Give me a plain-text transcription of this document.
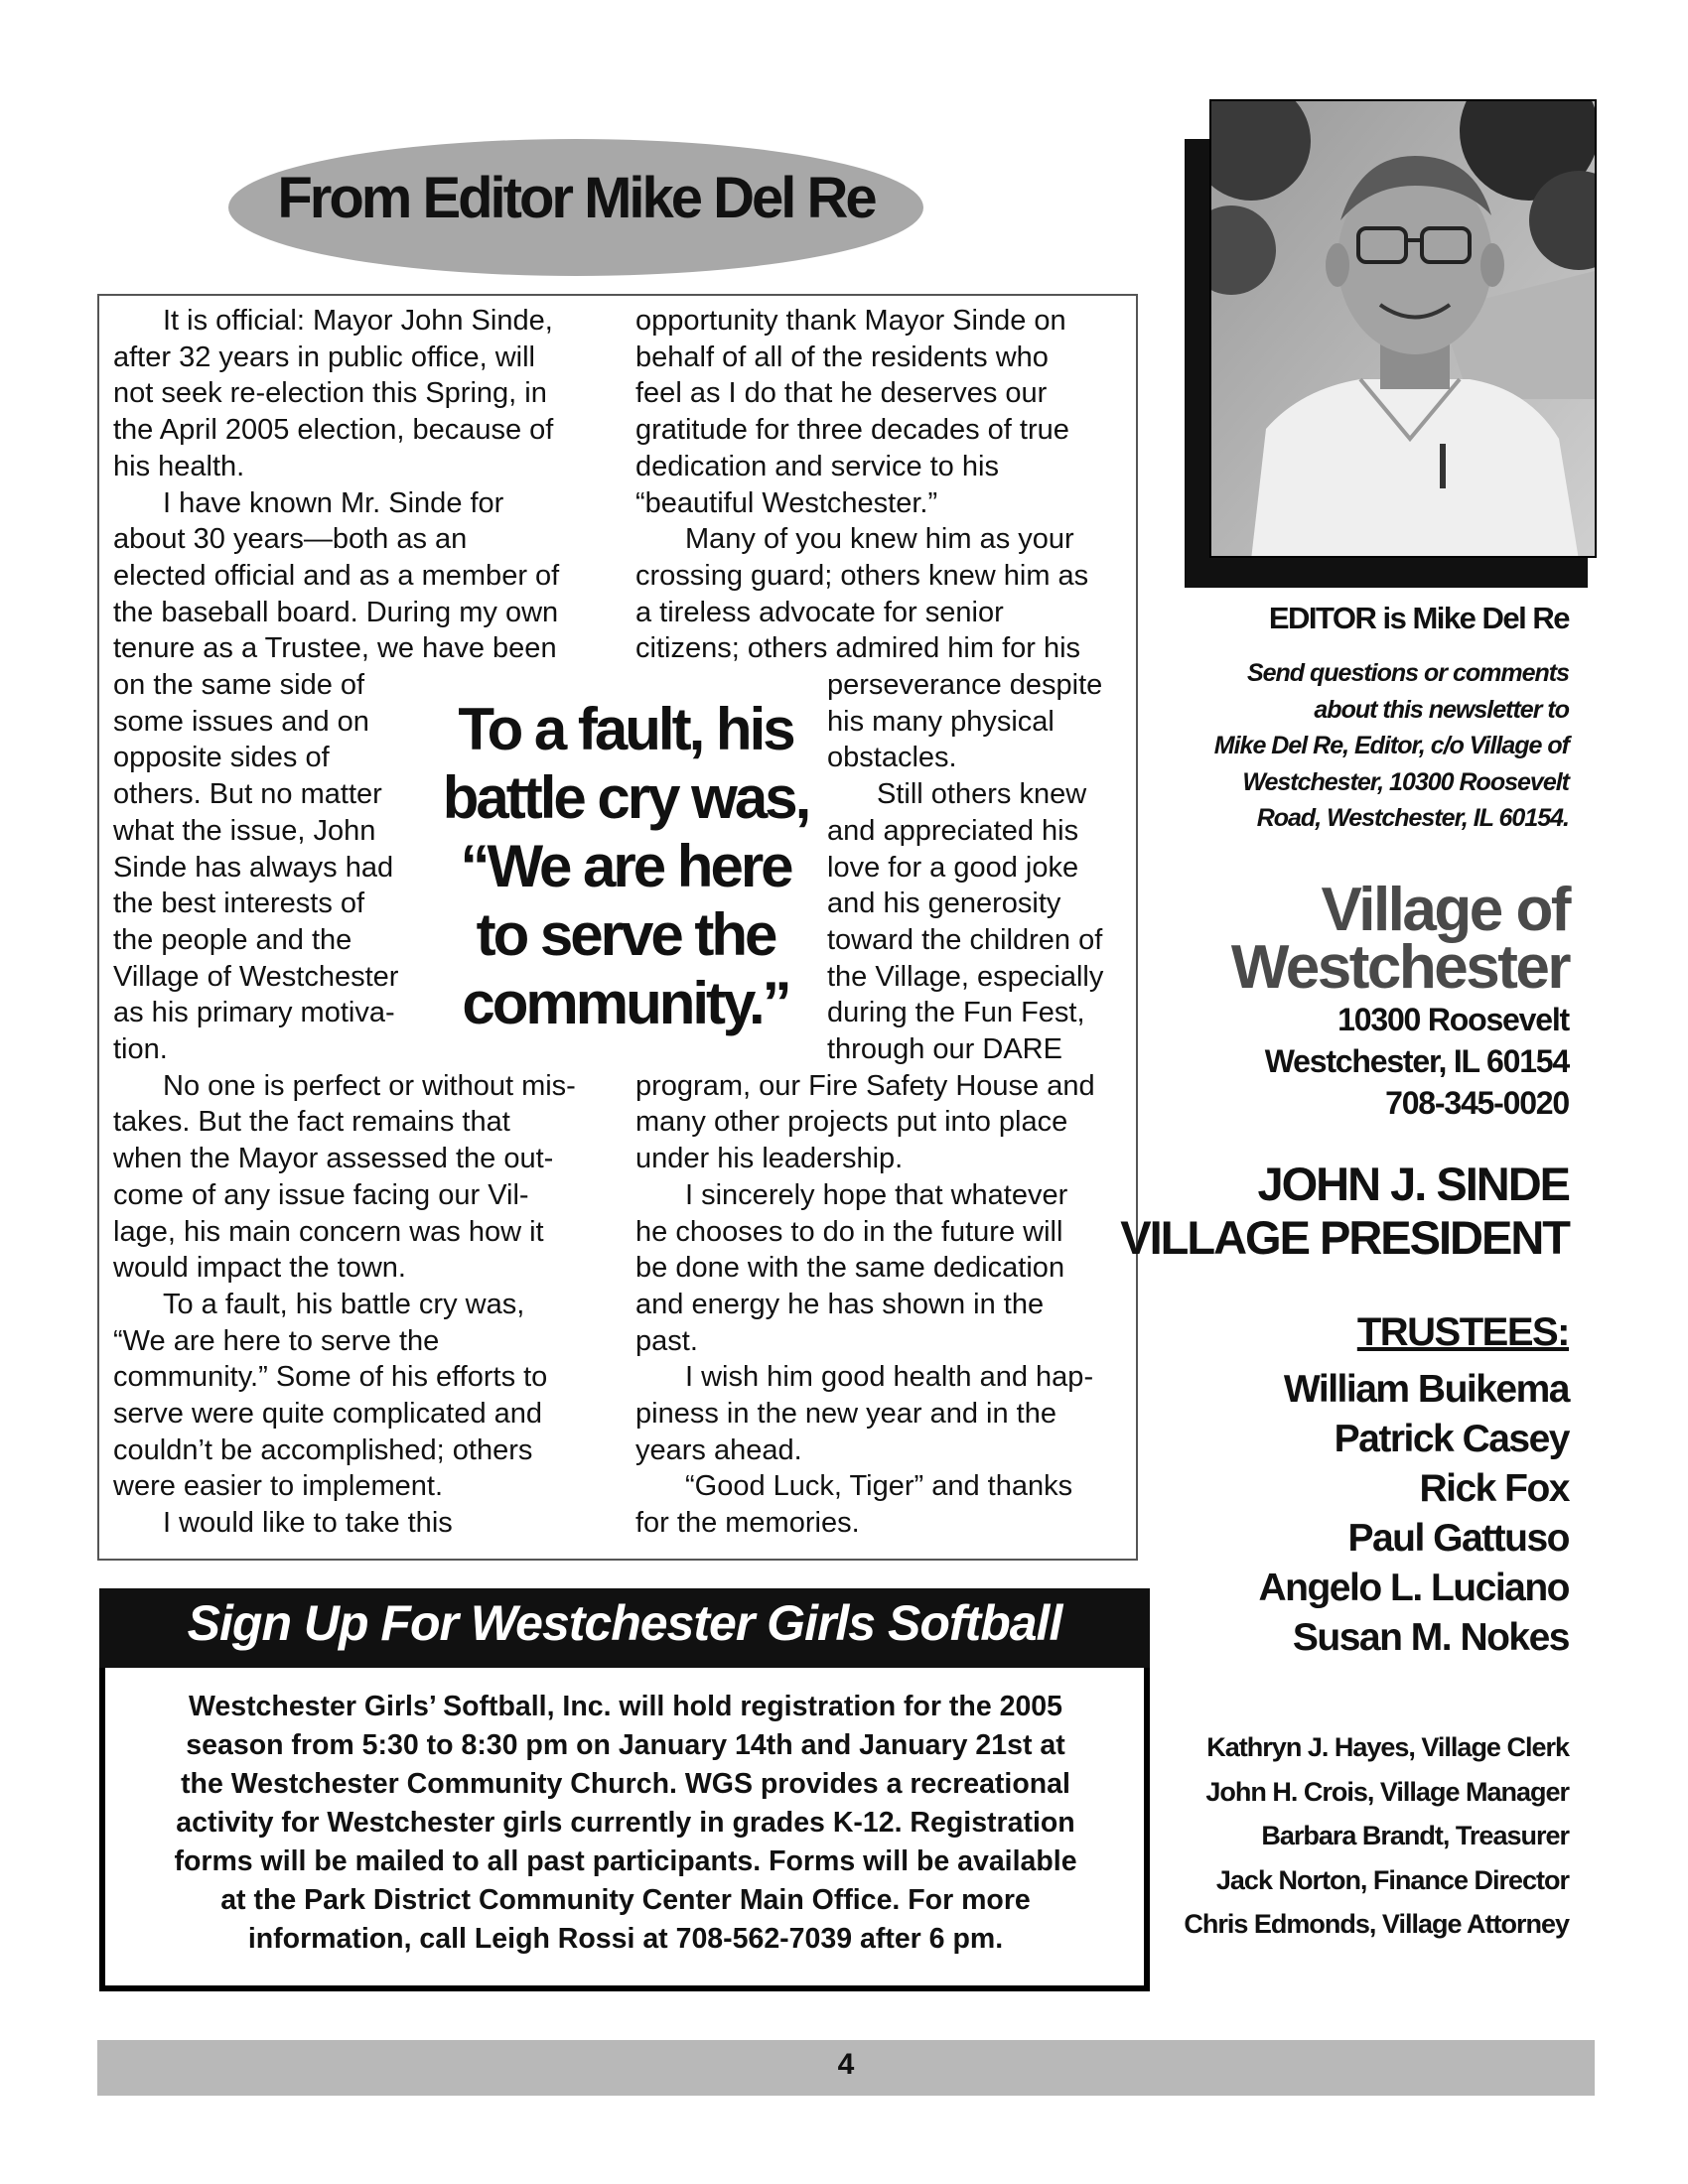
From Editor Mike Del Re
It is official: Mayor John Sinde,
after 32 years in public office, will
not seek re-election this Spring, in
the April 2005 election, because of
his health.
I have known Mr. Sinde for
about 30 years—both as an
elected official and as a member of
the baseball board. During my own
tenure as a Trustee, we have been
on the same side of
some issues and on
opposite sides of
others. But no matter
what the issue, John
Sinde has always had
the best interests of
the people and the
Village of Westchester
as his primary motiva-
tion.
No one is perfect or without mis-
takes. But the fact remains that
when the Mayor assessed the out-
come of any issue facing our Vil-
lage, his main concern was how it
would impact the town.
To a fault, his battle cry was,
“We are here to serve the
community.” Some of his efforts to
serve were quite complicated and
couldn’t be accomplished; others
were easier to implement.
I would like to take this
opportunity thank Mayor Sinde on
behalf of all of the residents who
feel as I do that he deserves our
gratitude for three decades of true
dedication and service to his
“beautiful Westchester.”
Many of you knew him as your
crossing guard; others knew him as
a tireless advocate for senior
citizens; others admired him for his
perseverance despite
his many physical
obstacles.
Still others knew
and appreciated his
love for a good joke
and his generosity
toward the children of
the Village, especially
during the Fun Fest,
through our DARE
program, our Fire Safety House and
many other projects put into place
under his leadership.
I sincerely hope that whatever
he chooses to do in the future will
be done with the same dedication
and energy he has shown in the
past.
I wish him good health and hap-
piness in the new year and in the
years ahead.
“Good Luck, Tiger” and thanks
for the memories.
To a fault, his
battle cry was,
“We are here
to serve the
community.”
Sign Up For Westchester Girls Softball
Westchester Girls’ Softball, Inc. will hold registration for the 2005
season from 5:30 to 8:30 pm on January 14th and January 21st at
the Westchester Community Church. WGS provides a recreational
activity for Westchester girls currently in grades K-12. Registration
forms will be mailed to all past participants. Forms will be available
at the Park District Community Center Main Office. For more
information, call Leigh Rossi at 708-562-7039 after 6 pm.
4
EDITOR is Mike Del Re
Send questions or comments
about this newsletter to
Mike Del Re, Editor, c/o Village of
Westchester, 10300 Roosevelt
Road, Westchester, IL 60154.
Village of
Westchester
10300 Roosevelt
Westchester, IL 60154
708-345-0020
JOHN J. SINDE
VILLAGE PRESIDENT
TRUSTEES:
William Buikema
Patrick Casey
Rick Fox
Paul Gattuso
Angelo L. Luciano
Susan M. Nokes
Kathryn J. Hayes, Village Clerk
John H. Crois, Village Manager
Barbara Brandt, Treasurer
Jack Norton, Finance Director
Chris Edmonds, Village Attorney
